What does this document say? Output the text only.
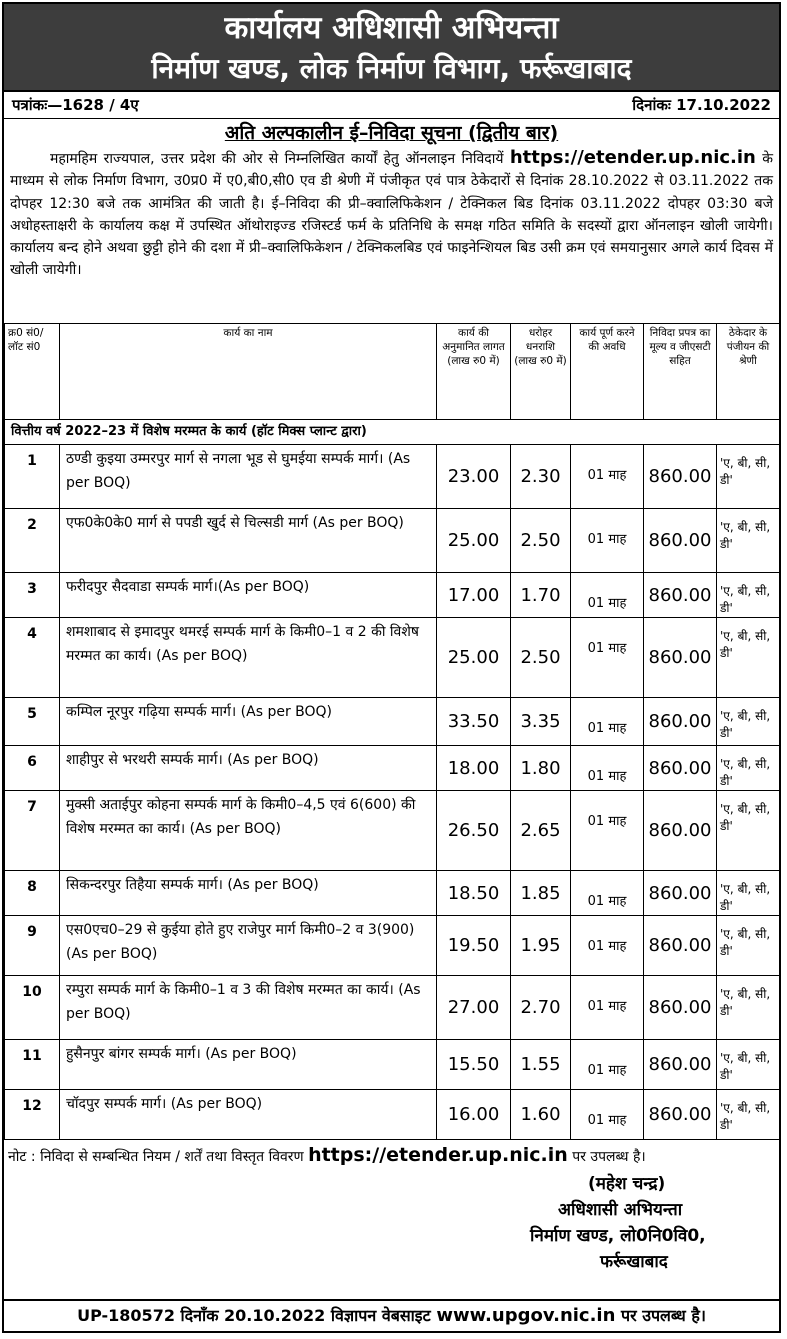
कार्यालय अधिशासी अभियन्ता
निर्माण खण्ड, लोक निर्माण विभाग, फर्रूखाबाद
पत्रांकः—1628 / 4ए	दिनांकः 17.10.2022
अति अल्पकालीन ई–निविदा सूचना (द्वितीय बार)
महामहिम राज्यपाल, उत्तर प्रदेश की ओर से निम्नलिखित कार्यों हेतु ऑनलाइन निविदायें https://etender.up.nic.in के माध्यम से लोक निर्माण विभाग, उ0प्र0 में ए0,बी0,सी0 एव डी श्रेणी में पंजीकृत एवं पात्र ठेकेदारों से दिनांक 28.10.2022 से 03.11.2022 तक दोपहर 12:30 बजे तक आमंत्रित की जाती है। ई–निविदा की प्री–क्वालिफिकेशन / टेक्निकल बिड दिनांक 03.11.2022 दोपहर 03:30 बजे अधोहस्ताक्षरी के कार्यालय कक्ष में उपस्थित ऑथोराइज्ड रजिस्टर्ड फर्म के प्रतिनिधि के समक्ष गठित समिति के सदस्यों द्वारा ऑनलाइन खोली जायेगी। कार्यालय बन्द होने अथवा छुट्टी होने की दशा में प्री–क्वालिफिकेशन / टेक्निकलबिड एवं फाइनेन्शियल बिड उसी क्रम एवं समयानुसार अगले कार्य दिवस में खोली जायेगी।
क्र0 सं0/ लॉट सं0	कार्य का नाम	कार्य की अनुमानित लागत (लाख रु0 में)	धरोहर धनराशि (लाख रु0 में)	कार्य पूर्ण करने की अवधि	निविदा प्रपत्र का मूल्य व जीएसटी सहित	ठेकेदार के पंजीयन की श्रेणी
वित्तीय वर्ष 2022–23 में विशेष मरम्मत के कार्य (हॉट मिक्स प्लान्ट द्वारा)						
1	ठण्डी कुइया उम्मरपुर मार्ग से नगला भूड से घुमईया सम्पर्क मार्ग। (As per BOQ)	23.00	2.30	01 माह	860.00	'ए, बी, सी, डी'
2	एफ0के0के0 मार्ग से पपडी खुर्द से चिल्सडी मार्ग (As per BOQ)	25.00	2.50	01 माह	860.00	'ए, बी, सी, डी'
3	फरीदपुर सैदवाडा सम्पर्क मार्ग।(As per BOQ)	17.00	1.70	01 माह	860.00	'ए, बी, सी, डी'
4	शमशाबाद से इमादपुर थमरई सम्पर्क मार्ग के किमी0–1 व 2 की विशेष मरम्मत का कार्य। (As per BOQ)	25.00	2.50	01 माह	860.00	'ए, बी, सी, डी'
5	कम्पिल नूरपुर गढ़िया सम्पर्क मार्ग। (As per BOQ)	33.50	3.35	01 माह	860.00	'ए, बी, सी, डी'
6	शाहीपुर से भरथरी सम्पर्क मार्ग। (As per BOQ)	18.00	1.80	01 माह	860.00	'ए, बी, सी, डी'
7	मुक्सी अताईपुर कोहना सम्पर्क मार्ग के किमी0–4,5 एवं 6(600) की विशेष मरम्मत का कार्य। (As per BOQ)	26.50	2.65	01 माह	860.00	'ए, बी, सी, डी'
8	सिकन्दरपुर तिहैया सम्पर्क मार्ग। (As per BOQ)	18.50	1.85	01 माह	860.00	'ए, बी, सी, डी'
9	एस0एच0–29 से कुईया होते हुए राजेपुर मार्ग किमी0–2 व 3(900) (As per BOQ)	19.50	1.95	01 माह	860.00	'ए, बी, सी, डी'
10	रम्पुरा सम्पर्क मार्ग के किमी0–1 व 3 की विशेष मरम्मत का कार्य। (As per BOQ)	27.00	2.70	01 माह	860.00	'ए, बी, सी, डी'
11	हुसैनपुर बांगर सम्पर्क मार्ग। (As per BOQ)	15.50	1.55	01 माह	860.00	'ए, बी, सी, डी'
12	चॉदपुर सम्पर्क मार्ग। (As per BOQ)	16.00	1.60	01 माह	860.00	'ए, बी, सी, डी'
नोट : निविदा से सम्बन्धित नियम / शर्तें तथा विस्तृत विवरण https://etender.up.nic.in पर उपलब्ध है।
(महेश चन्द्र)
अधिशासी अभियन्ता
निर्माण खण्ड, लो0नि0वि0,
फर्रूखाबाद
UP-180572 दिनाँक 20.10.2022 विज्ञापन वेबसाइट www.upgov.nic.in पर उपलब्ध है।
